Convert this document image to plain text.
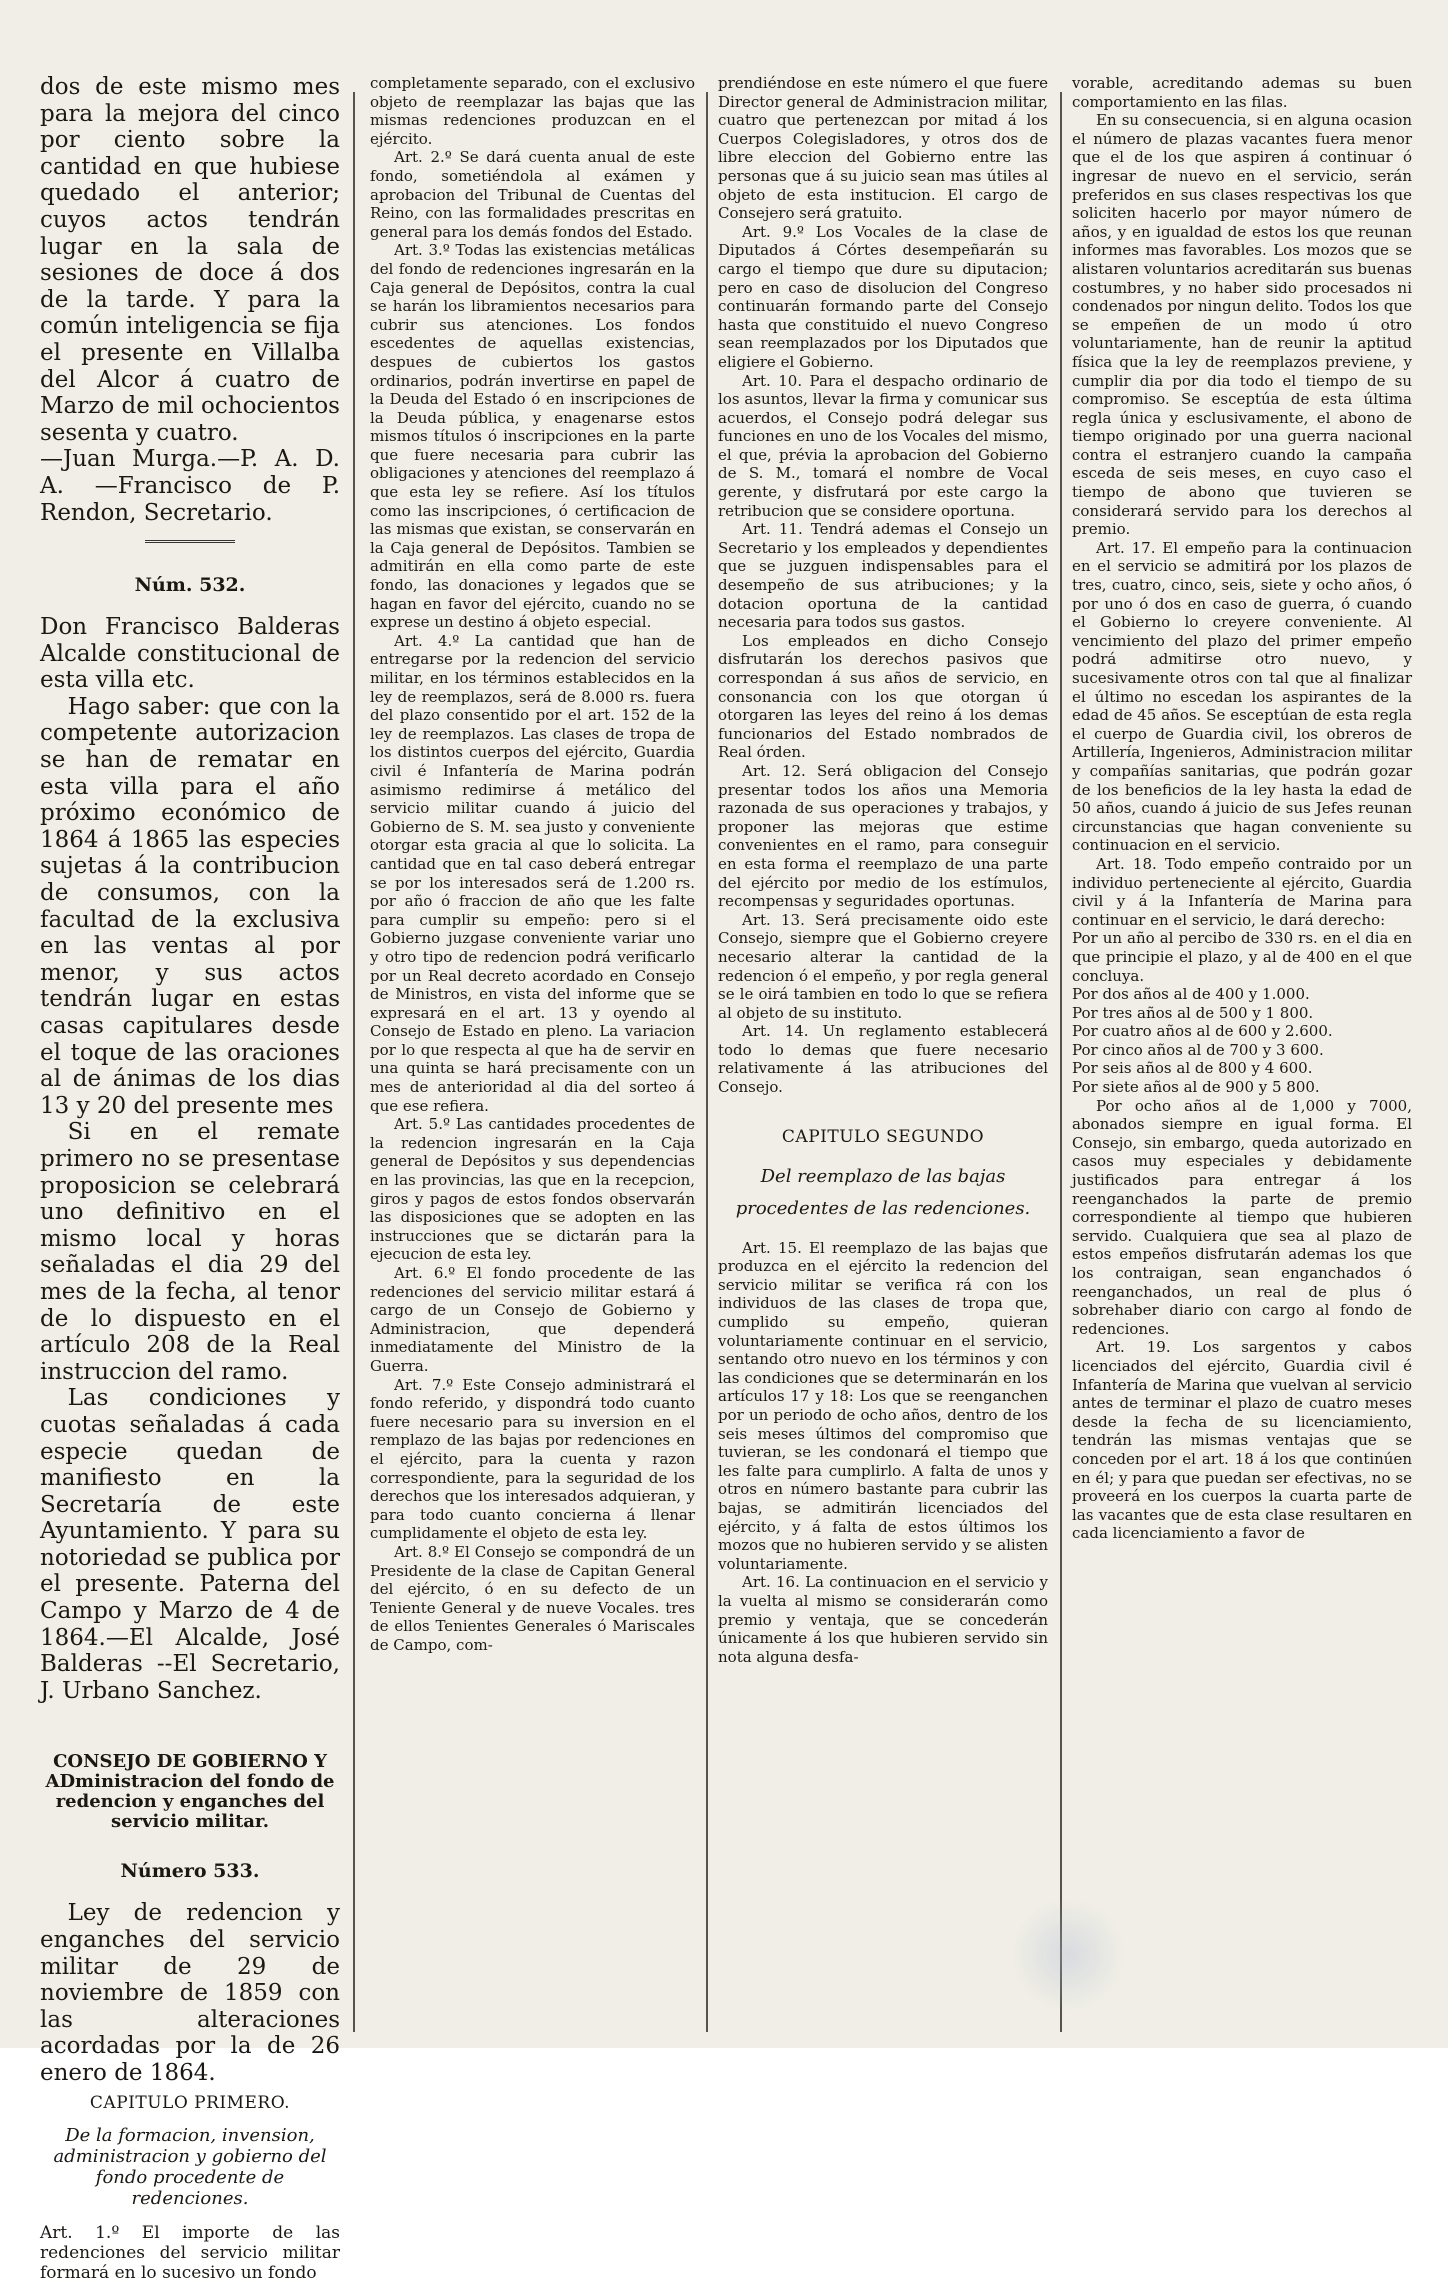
dos de este mismo mes para la mejora del cinco por ciento sobre la cantidad en que hubiese quedado el anterior; cuyos actos tendrán lugar en la sala de sesiones de doce á dos de la tarde. Y para la común inteligencia se fija el presente en Villalba del Alcor á cuatro de Marzo de mil ochocientos sesenta y cuatro.

—Juan Murga.—P. A. D. A. —Francisco de P. Rendon, Secretario.

Núm. 532.

Don Francisco Balderas Alcalde constitucional de esta villa etc.

Hago saber: que con la competente autorizacion se han de rematar en esta villa para el año próximo económico de 1864 á 1865 las especies sujetas á la contribucion de consumos, con la facultad de la exclusiva en las ventas al por menor, y sus actos tendrán lugar en estas casas capitulares desde el toque de las oraciones al de ánimas de los dias 13 y 20 del presente mes

Si en el remate primero no se presentase proposicion se celebrará uno definitivo en el mismo local y horas señaladas el dia 29 del mes de la fecha, al tenor de lo dispuesto en el artículo 208 de la Real instruccion del ramo.

Las condiciones y cuotas señaladas á cada especie quedan de manifiesto en la Secretaría de este Ayuntamiento. Y para su notoriedad se publica por el presente. Paterna del Campo y Marzo de 4 de 1864.—El Alcalde, José Balderas --El Secretario, J. Urbano Sanchez.

CONSEJO DE GOBIERNO Y ADministracion del fondo de redencion y enganches del servicio militar.
Número 533.

Ley de redencion y enganches del servicio militar de 29 de noviembre de 1859 con las alteraciones acordadas por la de 26 enero de 1864.

CAPITULO PRIMERO.
De la formacion, invension, administracion y gobierno del fondo procedente de redenciones.

Art. 1.º El importe de las redenciones del servicio militar formará en lo sucesivo un fondo

completamente separado, con el exclusivo objeto de reemplazar las bajas que las mismas redenciones produzcan en el ejército.

Art. 2.º Se dará cuenta anual de este fondo, sometiéndola al exámen y aprobacion del Tribunal de Cuentas del Reino, con las formalidades prescritas en general para los demás fondos del Estado.

Art. 3.º Todas las existencias metálicas del fondo de redenciones ingresarán en la Caja general de Depósitos, contra la cual se harán los libramientos necesarios para cubrir sus atenciones. Los fondos escedentes de aquellas existencias, despues de cubiertos los gastos ordinarios, podrán invertirse en papel de la Deuda del Estado ó en inscripciones de la Deuda pública, y enagenarse estos mismos títulos ó inscripciones en la parte que fuere necesaria para cubrir las obligaciones y atenciones del reemplazo á que esta ley se refiere. Así los títulos como las inscripciones, ó certificacion de las mismas que existan, se conservarán en la Caja general de Depósitos. Tambien se admitirán en ella como parte de este fondo, las donaciones y legados que se hagan en favor del ejército, cuando no se exprese un destino á objeto especial.

Art. 4.º La cantidad que han de entregarse por la redencion del servicio militar, en los términos establecidos en la ley de reemplazos, será de 8.000 rs. fuera del plazo consentido por el art. 152 de la ley de reemplazos. Las clases de tropa de los distintos cuerpos del ejército, Guardia civil é Infantería de Marina podrán asimismo redimirse á metálico del servicio militar cuando á juicio del Gobierno de S. M. sea justo y conveniente otorgar esta gracia al que lo solicita. La cantidad que en tal caso deberá entregar se por los interesados será de 1.200 rs. por año ó fraccion de año que les falte para cumplir su empeño: pero si el Gobierno juzgase conveniente variar uno y otro tipo de redencion podrá verificarlo por un Real decreto acordado en Consejo de Ministros, en vista del informe que se expresará en el art. 13 y oyendo al Consejo de Estado en pleno. La variacion por lo que respecta al que ha de servir en una quinta se hará precisamente con un mes de anterioridad al dia del sorteo á que ese refiera.

Art. 5.º Las cantidades procedentes de la redencion ingresarán en la Caja general de Depósitos y sus dependencias en las provincias, las que en la recepcion, giros y pagos de estos fondos observarán las disposiciones que se adopten en las instrucciones que se dictarán para la ejecucion de esta ley.

Art. 6.º El fondo procedente de las redenciones del servicio militar estará á cargo de un Consejo de Gobierno y Administracion, que dependerá inmediatamente del Ministro de la Guerra.

Art. 7.º Este Consejo administrará el fondo referido, y dispondrá todo cuanto fuere necesario para su inversion en el remplazo de las bajas por redenciones en el ejército, para la cuenta y razon correspondiente, para la seguridad de los derechos que los interesados adquieran, y para todo cuanto concierna á llenar cumplidamente el objeto de esta ley.

Art. 8.º El Consejo se compondrá de un Presidente de la clase de Capitan General del ejército, ó en su defecto de un Teniente General y de nueve Vocales. tres de ellos Tenientes Generales ó Mariscales de Campo, com-

prendiéndose en este número el que fuere Director general de Administracion militar, cuatro que pertenezcan por mitad á los Cuerpos Colegisladores, y otros dos de libre eleccion del Gobierno entre las personas que á su juicio sean mas útiles al objeto de esta institucion. El cargo de Consejero será gratuito.

Art. 9.º Los Vocales de la clase de Diputados á Córtes desempeñarán su cargo el tiempo que dure su diputacion; pero en caso de disolucion del Congreso continuarán formando parte del Consejo hasta que constituido el nuevo Congreso sean reemplazados por los Diputados que eligiere el Gobierno.

Art. 10. Para el despacho ordinario de los asuntos, llevar la firma y comunicar sus acuerdos, el Consejo podrá delegar sus funciones en uno de los Vocales del mismo, el que, prévia la aprobacion del Gobierno de S. M., tomará el nombre de Vocal gerente, y disfrutará por este cargo la retribucion que se considere oportuna.

Art. 11. Tendrá ademas el Consejo un Secretario y los empleados y dependientes que se juzguen indispensables para el desempeño de sus atribuciones; y la dotacion oportuna de la cantidad necesaria para todos sus gastos.

Los empleados en dicho Consejo disfrutarán los derechos pasivos que correspondan á sus años de servicio, en consonancia con los que otorgan ú otorgaren las leyes del reino á los demas funcionarios del Estado nombrados de Real órden.

Art. 12. Será obligacion del Consejo presentar todos los años una Memoria razonada de sus operaciones y trabajos, y proponer las mejoras que estime convenientes en el ramo, para conseguir en esta forma el reemplazo de una parte del ejército por medio de los estímulos, recompensas y seguridades oportunas.

Art. 13. Será precisamente oido este Consejo, siempre que el Gobierno creyere necesario alterar la cantidad de la redencion ó el empeño, y por regla general se le oirá tambien en todo lo que se refiera al objeto de su instituto.

Art. 14. Un reglamento establecerá todo lo demas que fuere necesario relativamente á las atribuciones del Consejo.

CAPITULO SEGUNDO
Del reemplazo de las bajas procedentes de las redenciones.

Art. 15. El reemplazo de las bajas que produzca en el ejército la redencion del servicio militar se verifica rá con los individuos de las clases de tropa que, cumplido su empeño, quieran voluntariamente continuar en el servicio, sentando otro nuevo en los términos y con las condiciones que se determinarán en los artículos 17 y 18: Los que se reenganchen por un periodo de ocho años, dentro de los seis meses últimos del compromiso que tuvieran, se les condonará el tiempo que les falte para cumplirlo. A falta de unos y otros en número bastante para cubrir las bajas, se admitirán licenciados del ejército, y á falta de estos últimos los mozos que no hubieren servido y se alisten voluntariamente.

Art. 16. La continuacion en el servicio y la vuelta al mismo se considerarán como premio y ventaja, que se concederán únicamente á los que hubieren servido sin nota alguna desfa-

vorable, acreditando ademas su buen comportamiento en las filas.

En su consecuencia, si en alguna ocasion el número de plazas vacantes fuera menor que el de los que aspiren á continuar ó ingresar de nuevo en el servicio, serán preferidos en sus clases respectivas los que soliciten hacerlo por mayor número de años, y en igualdad de estos los que reunan informes mas favorables. Los mozos que se alistaren voluntarios acreditarán sus buenas costumbres, y no haber sido procesados ni condenados por ningun delito. Todos los que se empeñen de un modo ú otro voluntariamente, han de reunir la aptitud física que la ley de reemplazos previene, y cumplir dia por dia todo el tiempo de su compromiso. Se esceptúa de esta última regla única y esclusivamente, el abono de tiempo originado por una guerra nacional contra el estranjero cuando la campaña esceda de seis meses, en cuyo caso el tiempo de abono que tuvieren se considerará servido para los derechos al premio.

Art. 17. El empeño para la continuacion en el servicio se admitirá por los plazos de tres, cuatro, cinco, seis, siete y ocho años, ó por uno ó dos en caso de guerra, ó cuando el Gobierno lo creyere conveniente. Al vencimiento del plazo del primer empeño podrá admitirse otro nuevo, y sucesivamente otros con tal que al finalizar el último no escedan los aspirantes de la edad de 45 años. Se esceptúan de esta regla el cuerpo de Guardia civil, los obreros de Artillería, Ingenieros, Administracion militar y compañías sanitarias, que podrán gozar de los beneficios de la ley hasta la edad de 50 años, cuando á juicio de sus Jefes reunan circunstancias que hagan conveniente su continuacion en el servicio.

Art. 18. Todo empeño contraido por un individuo perteneciente al ejército, Guardia civil y á la Infantería de Marina para continuar en el servicio, le dará derecho:

Por un año al percibo de 330 rs. en el dia en que principie el plazo, y al de 400 en el que concluya.

Por dos años al de 400 y 1.000.

Por tres años al de 500 y 1 800.

Por cuatro años al de 600 y 2.600.

Por cinco años al de 700 y 3 600.

Por seis años al de 800 y 4 600.

Por siete años al de 900 y 5 800.

Por ocho años al de 1,000 y 7000, abonados siempre en igual forma. El Consejo, sin embargo, queda autorizado en casos muy especiales y debidamente justificados para entregar á los reenganchados la parte de premio correspondiente al tiempo que hubieren servido. Cualquiera que sea al plazo de estos empeños disfrutarán ademas los que los contraigan, sean enganchados ó reenganchados, un real de plus ó sobrehaber diario con cargo al fondo de redenciones.

Art. 19. Los sargentos y cabos licenciados del ejército, Guardia civil é Infantería de Marina que vuelvan al servicio antes de terminar el plazo de cuatro meses desde la fecha de su licenciamiento, tendrán las mismas ventajas que se conceden por el art. 18 á los que continúen en él; y para que puedan ser efectivas, no se proveerá en los cuerpos la cuarta parte de las vacantes que de esta clase resultaren en cada licenciamiento a favor de
